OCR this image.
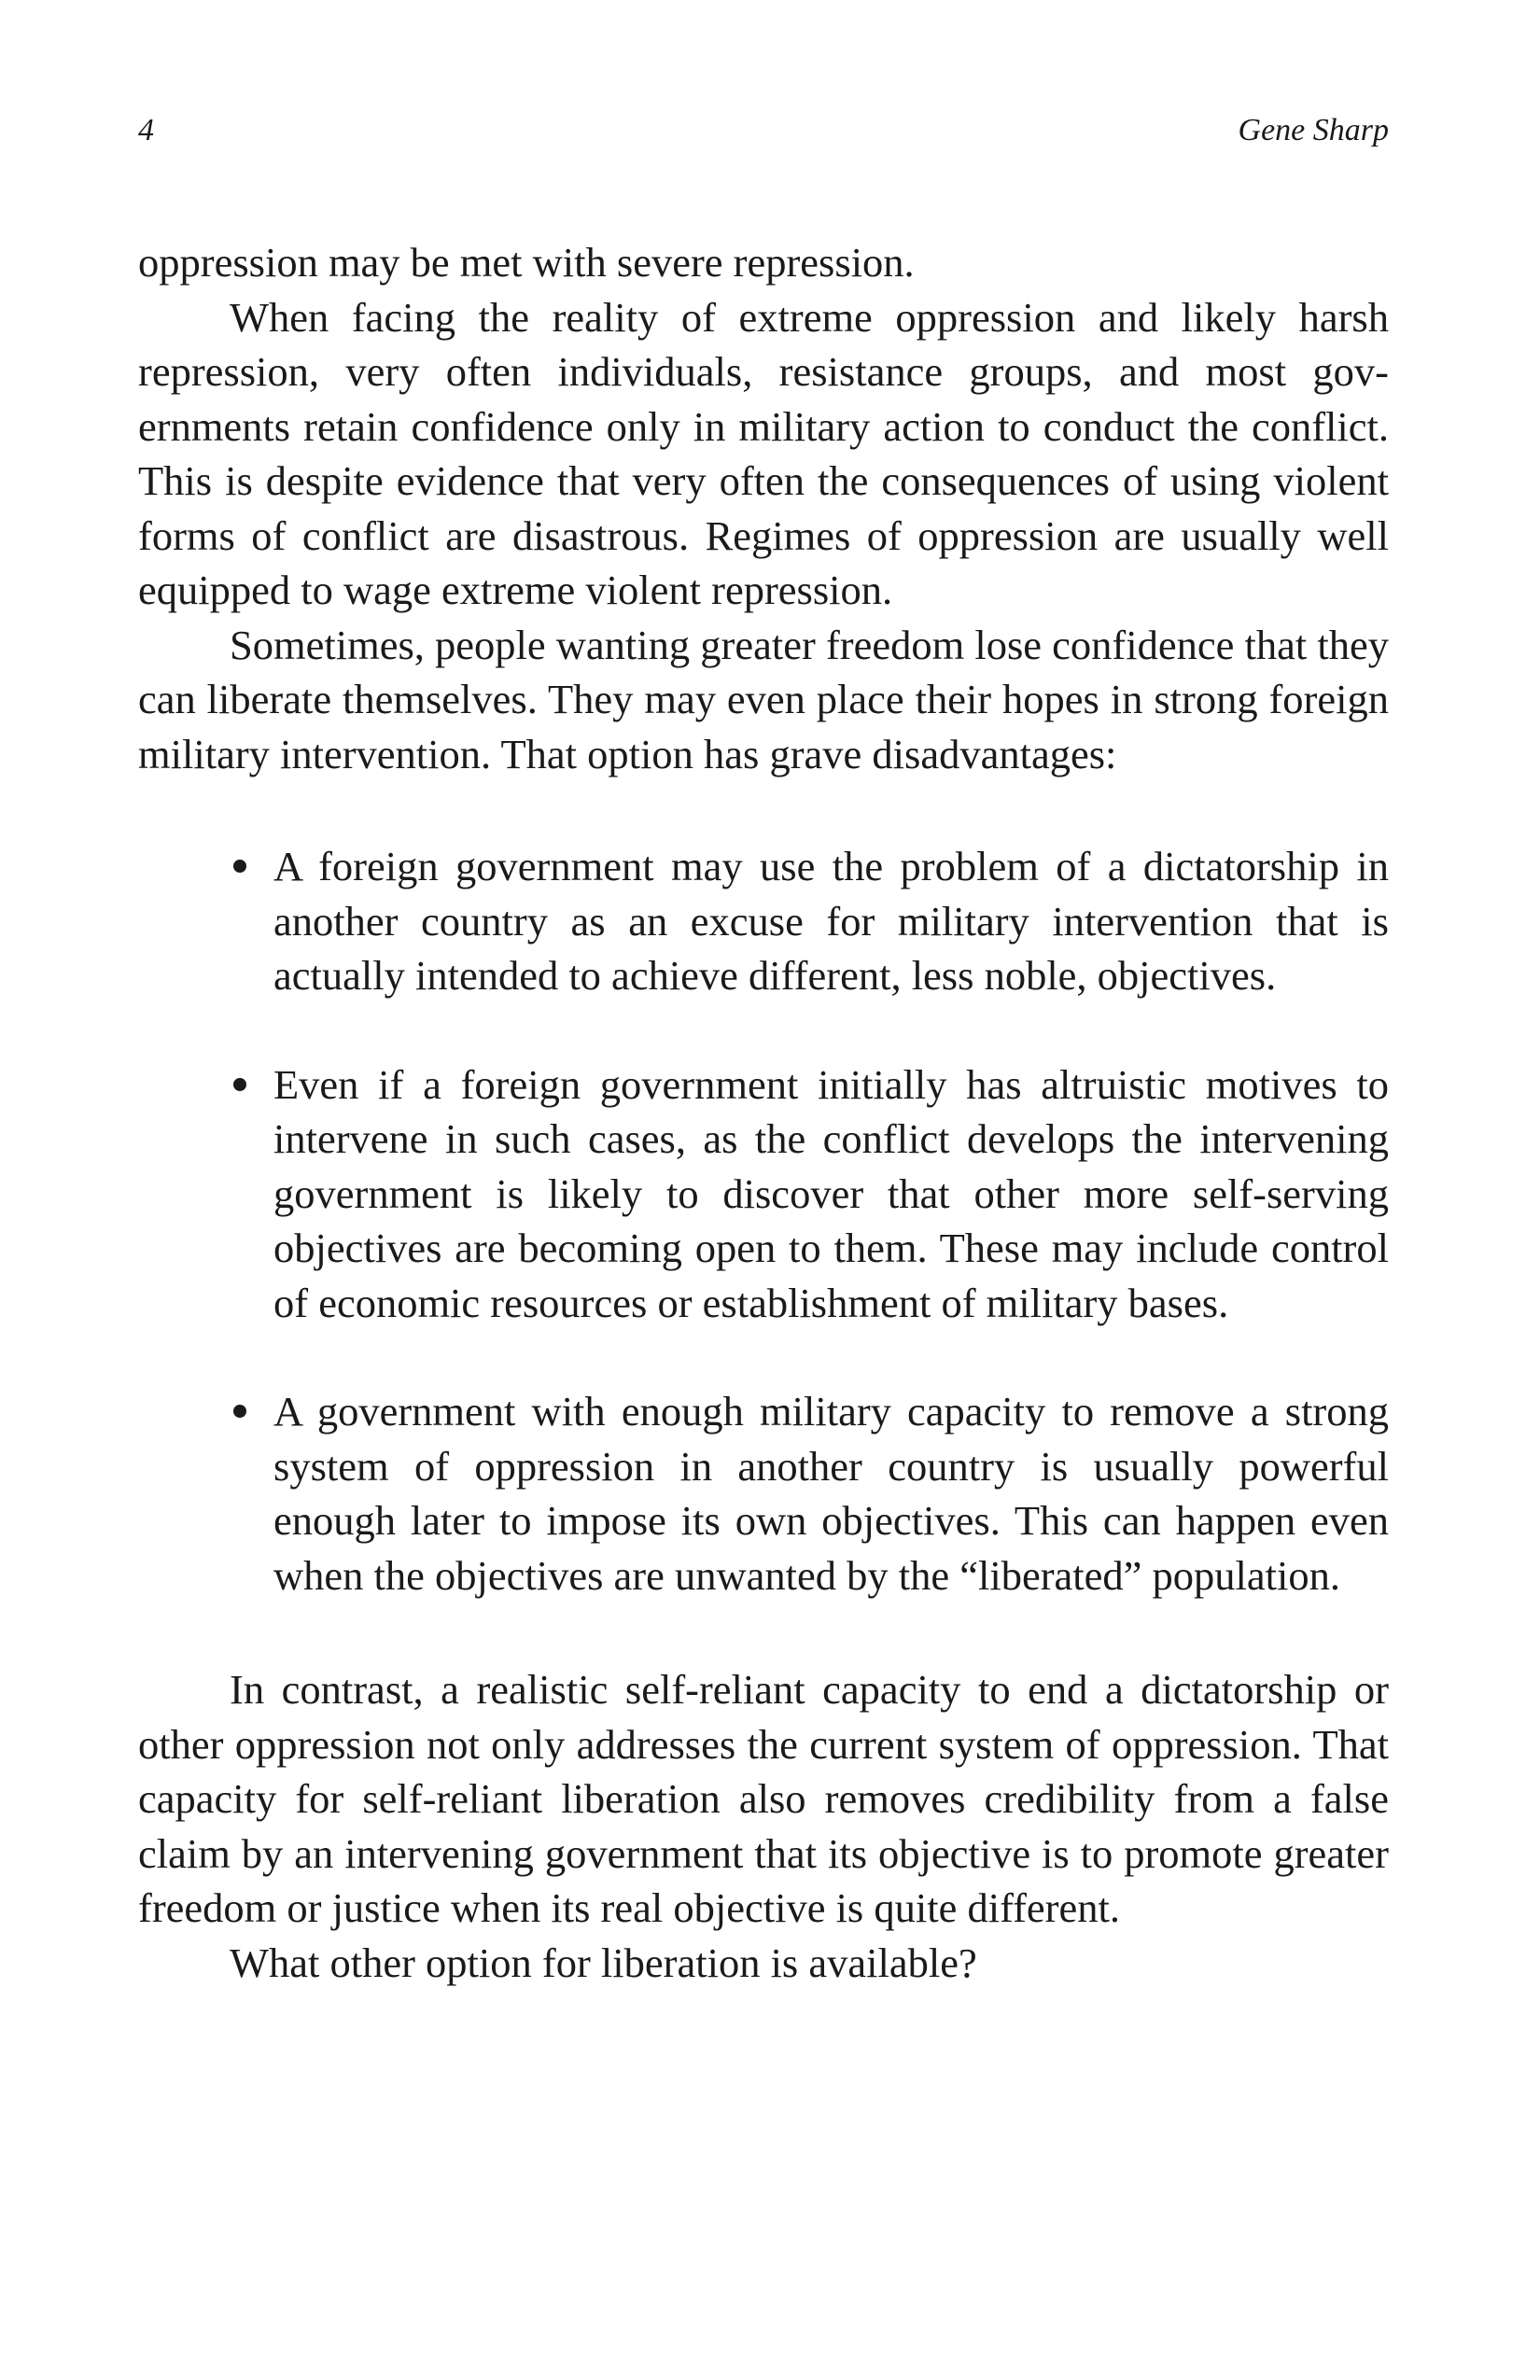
4	Gene Sharp

oppression may be met with severe repression.

When facing the reality of extreme oppression and likely harsh repression, very often individuals, resistance groups, and most governments retain confidence only in military action to conduct the conflict. This is despite evidence that very often the consequences of using violent forms of conflict are disastrous. Regimes of oppression are usually well equipped to wage extreme violent repression.

Sometimes, people wanting greater freedom lose confidence that they can liberate themselves. They may even place their hopes in strong foreign military intervention. That option has grave disadvantages:

A foreign government may use the problem of a dictatorship in another country as an excuse for military intervention that is actually intended to achieve different, less noble, objectives.
Even if a foreign government initially has altruistic motives to intervene in such cases, as the conflict develops the intervening government is likely to discover that other more self-serving objectives are becoming open to them. These may include control of economic resources or establishment of military bases.
A government with enough military capacity to remove a strong system of oppression in another country is usually powerful enough later to impose its own objectives. This can happen even when the objectives are unwanted by the “liberated” population.

In contrast, a realistic self-reliant capacity to end a dictatorship or other oppression not only addresses the current system of oppression. That capacity for self-reliant liberation also removes credibility from a false claim by an intervening government that its objective is to promote greater freedom or justice when its real objective is quite different.

What other option for liberation is available?
